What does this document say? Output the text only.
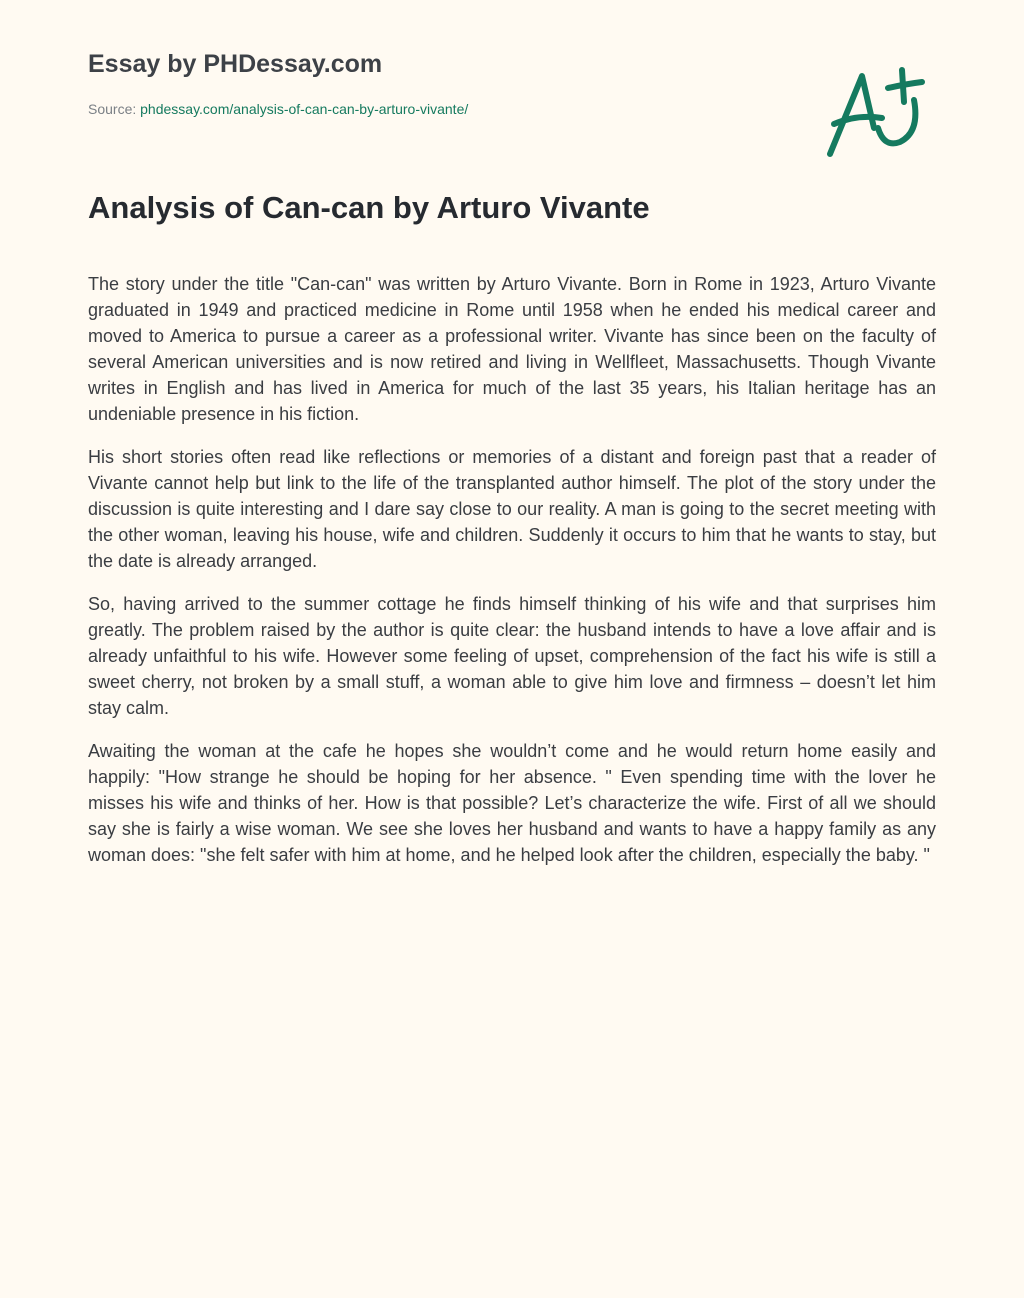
Essay by PHDessay.com
Source: phdessay.com/analysis-of-can-can-by-arturo-vivante/
Analysis of Can-can by Arturo Vivante

The story under the title "Can-can" was written by Arturo Vivante. Born in Rome in 1923, Arturo Vivante graduated in 1949 and practiced medicine in Rome until 1958 when he ended his medical career and moved to America to pursue a career as a professional writer. Vivante has since been on the faculty of several American universities and is now retired and living in Wellfleet, Massachusetts. Though Vivante writes in English and has lived in America for much of the last 35 years, his Italian heritage has an undeniable presence in his fiction.

His short stories often read like reflections or memories of a distant and foreign past that a reader of Vivante cannot help but link to the life of the transplanted author himself. The plot of the story under the discussion is quite interesting and I dare say close to our reality. A man is going to the secret meeting with the other woman, leaving his house, wife and children. Suddenly it occurs to him that he wants to stay, but the date is already arranged.

So, having arrived to the summer cottage he finds himself thinking of his wife and that surprises him greatly. The problem raised by the author is quite clear: the husband intends to have a love affair and is already unfaithful to his wife. However some feeling of upset, comprehension of the fact his wife is still a sweet cherry, not broken by a small stuff, a woman able to give him love and firmness – doesn’t let him stay calm.

Awaiting the woman at the cafe he hopes she wouldn’t come and he would return home easily and happily: "How strange he should be hoping for her absence. " Even spending time with the lover he misses his wife and thinks of her. How is that possible? Let’s characterize the wife. First of all we should say she is fairly a wise woman. We see she loves her husband and wants to have a happy family as any woman does: "she felt safer with him at home, and he helped look after the children, especially the baby. "
